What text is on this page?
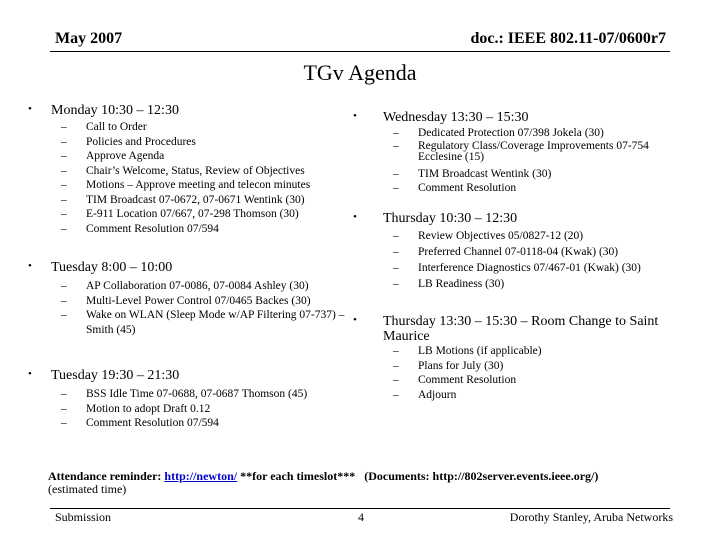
May 2007	doc.: IEEE 802.11-07/0600r7
TGv Agenda
• Monday 10:30 – 12:30
– Call to Order
– Policies and Procedures
– Approve Agenda
– Chair’s Welcome, Status, Review of Objectives
– Motions – Approve meeting and telecon minutes
– TIM Broadcast 07-0672, 07-0671 Wentink (30)
– E-911 Location 07/667, 07-298 Thomson (30)
– Comment Resolution 07/594
• Tuesday 8:00 – 10:00
– AP Collaboration 07-0086, 07-0084 Ashley (30)
– Multi-Level Power Control 07/0465 Backes (30)
– Wake on WLAN (Sleep Mode w/AP Filtering 07-737) – Smith (45)
• Tuesday 19:30 – 21:30
– BSS Idle Time 07-0688, 07-0687 Thomson (45)
– Motion to adopt Draft 0.12
– Comment Resolution 07/594
• Wednesday 13:30 – 15:30
– Dedicated Protection 07/398 Jokela (30)
– Regulatory Class/Coverage Improvements 07-754 Ecclesine (15)
– TIM Broadcast Wentink (30)
– Comment Resolution
• Thursday 10:30 – 12:30
– Review Objectives 05/0827-12 (20)
– Preferred Channel 07-0118-04 (Kwak) (30)
– Interference Diagnostics 07/467-01 (Kwak) (30)
– LB Readiness (30)
• Thursday 13:30 – 15:30 – Room Change to Saint Maurice
– LB Motions (if applicable)
– Plans for July (30)
– Comment Resolution
– Adjourn
Attendance reminder: http://newton/ **for each timeslot*** (Documents: http://802server.events.ieee.org/)
(estimated time)
Submission	4	Dorothy Stanley, Aruba Networks
